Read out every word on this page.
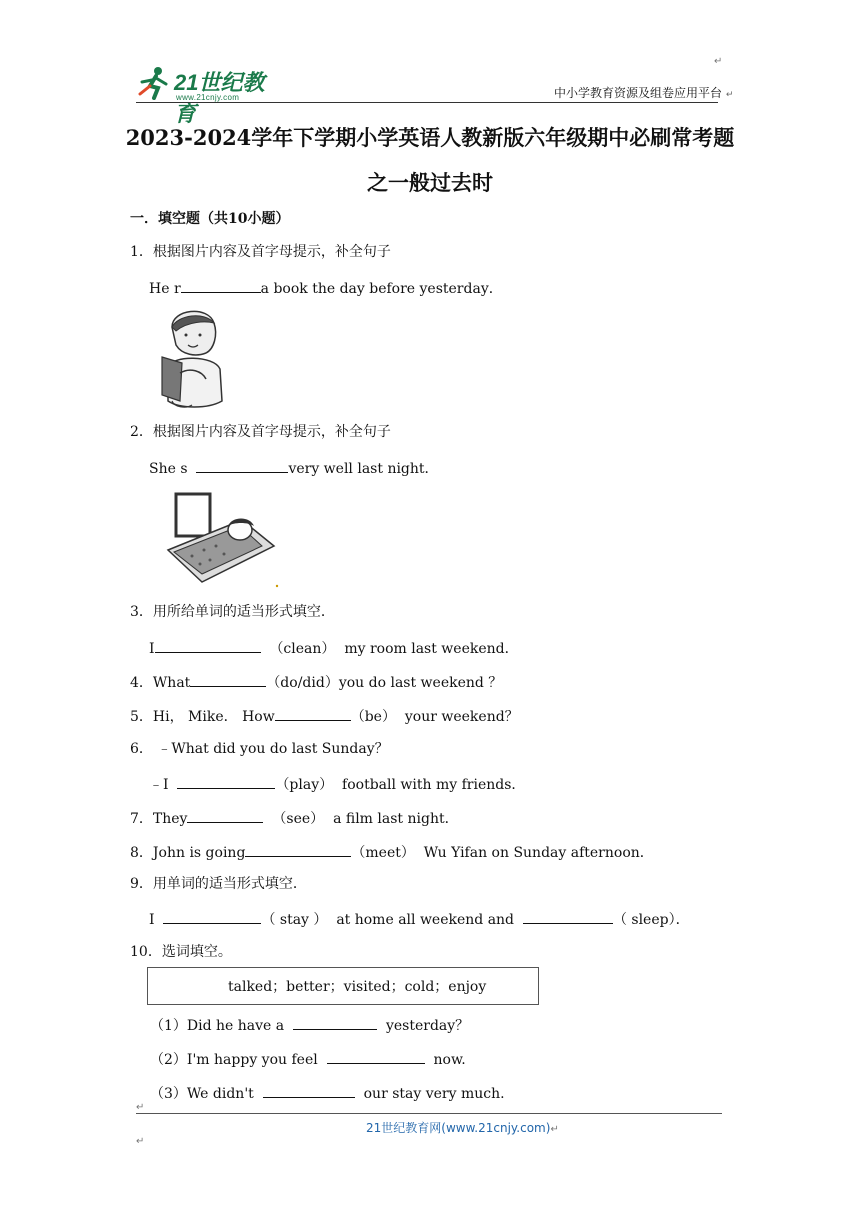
21世纪教育
www.21cnjy.com
↵
中小学教育资源及组卷应用平台 ↵
2023-2024学年下学期小学英语人教新版六年级期中必刷常考题
之一般过去时
一．填空题（共10小题）
1．根据图片内容及首字母提示，补全句子
He r	a book the day before yesterday．
2．根据图片内容及首字母提示，补全句子
She s	very well last night．
3．用所给单词的适当形式填空．
I	（clean） my room last weekend．
4．What	（do/did）you do last weekend ？
5．Hi， Mike． How	（be） your weekend？
6． ﹣What did you do last Sunday？
﹣I	（play） football with my friends．
7．They	（see） a film last night．
8．John is going	（meet） Wu Yifan on Sunday afternoon．
9．用单词的适当形式填空．
I	（ stay ） at home all weekend and	（ sleep）．
10．选词填空。
talked；better；visited；cold；enjoy
（1）Did he have a	yesterday？
（2）I'm happy you feel	now.
（3）We didn't	our stay very much.
↵
21世纪教育网(www.21cnjy.com)↵
↵
